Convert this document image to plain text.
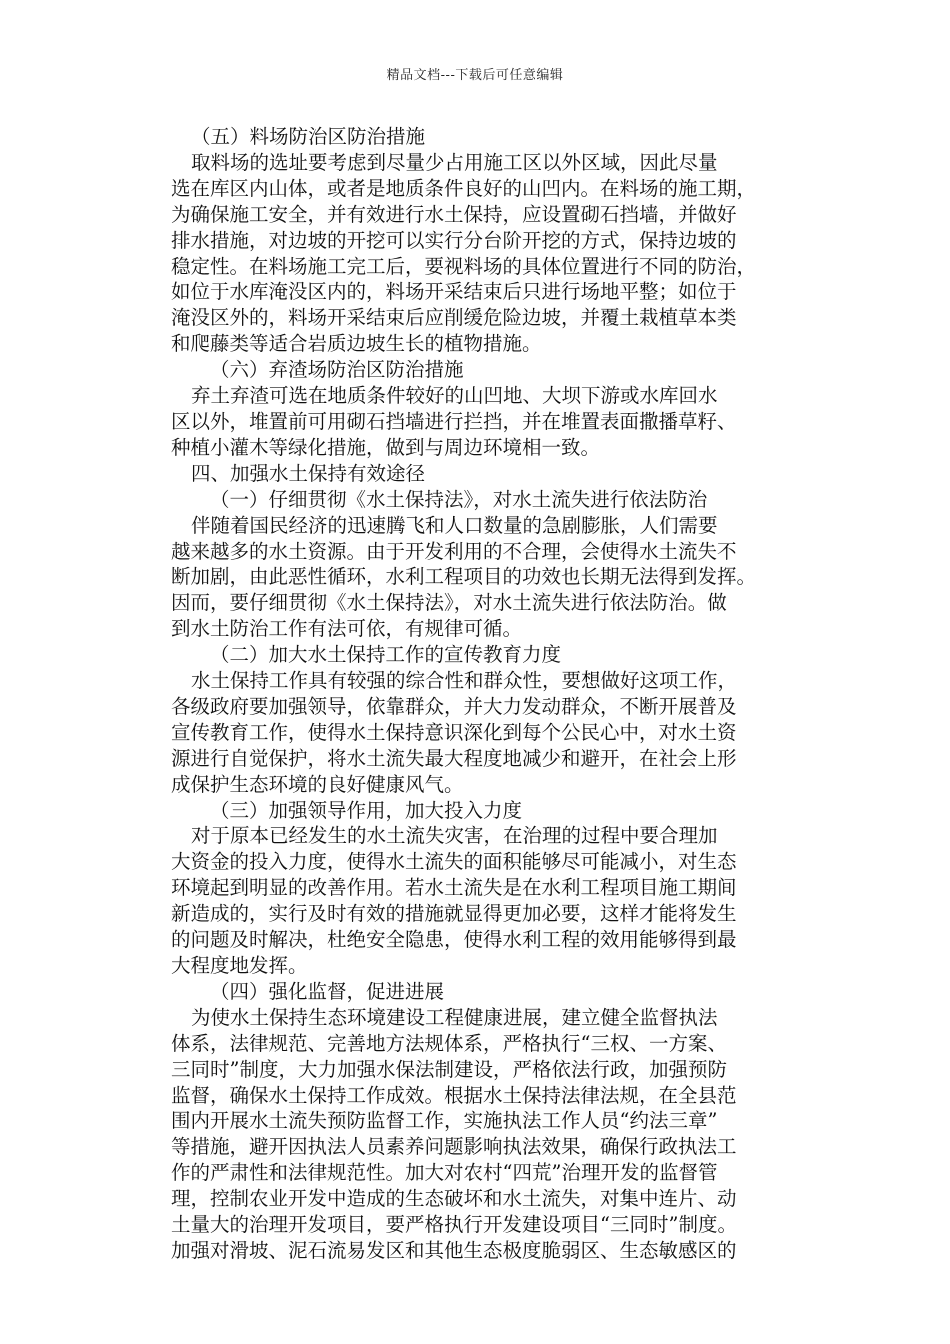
精品文档---下载后可任意编辑
（五）料场防治区防治措施
取料场的选址要考虑到尽量少占用施工区以外区域，因此尽量
选在库区内山体，或者是地质条件良好的山凹内。在料场的施工期，
为确保施工安全，并有效进行水土保持，应设置砌石挡墙，并做好
排水措施，对边坡的开挖可以实行分台阶开挖的方式，保持边坡的
稳定性。在料场施工完工后，要视料场的具体位置进行不同的防治，
如位于水库淹没区内的，料场开采结束后只进行场地平整；如位于
淹没区外的，料场开采结束后应削缓危险边坡，并覆土栽植草本类
和爬藤类等适合岩质边坡生长的植物措施。
（六）弃渣场防治区防治措施
弃土弃渣可选在地质条件较好的山凹地、大坝下游或水库回水
区以外，堆置前可用砌石挡墙进行拦挡，并在堆置表面撒播草籽、
种植小灌木等绿化措施，做到与周边环境相一致。
四、加强水土保持有效途径
（一）仔细贯彻《水土保持法》，对水土流失进行依法防治
伴随着国民经济的迅速腾飞和人口数量的急剧膨胀，人们需要
越来越多的水土资源。由于开发利用的不合理，会使得水土流失不
断加剧，由此恶性循环，水利工程项目的功效也长期无法得到发挥。
因而，要仔细贯彻《水土保持法》，对水土流失进行依法防治。做
到水土防治工作有法可依，有规律可循。
（二）加大水土保持工作的宣传教育力度
水土保持工作具有较强的综合性和群众性，要想做好这项工作，
各级政府要加强领导，依靠群众，并大力发动群众，不断开展普及
宣传教育工作，使得水土保持意识深化到每个公民心中，对水土资
源进行自觉保护，将水土流失最大程度地减少和避开，在社会上形
成保护生态环境的良好健康风气。
（三）加强领导作用，加大投入力度
对于原本已经发生的水土流失灾害，在治理的过程中要合理加
大资金的投入力度，使得水土流失的面积能够尽可能减小，对生态
环境起到明显的改善作用。若水土流失是在水利工程项目施工期间
新造成的，实行及时有效的措施就显得更加必要，这样才能将发生
的问题及时解决，杜绝安全隐患，使得水利工程的效用能够得到最
大程度地发挥。
（四）强化监督，促进进展
为使水土保持生态环境建设工程健康进展，建立健全监督执法
体系，法律规范、完善地方法规体系，严格执行“三权、一方案、
三同时”制度，大力加强水保法制建设，严格依法行政，加强预防
监督，确保水土保持工作成效。根据水土保持法律法规，在全县范
围内开展水土流失预防监督工作，实施执法工作人员“约法三章”
等措施，避开因执法人员素养问题影响执法效果，确保行政执法工
作的严肃性和法律规范性。加大对农村“四荒”治理开发的监督管
理，控制农业开发中造成的生态破坏和水土流失，对集中连片、动
土量大的治理开发项目，要严格执行开发建设项目“三同时”制度。
加强对滑坡、泥石流易发区和其他生态极度脆弱区、生态敏感区的
